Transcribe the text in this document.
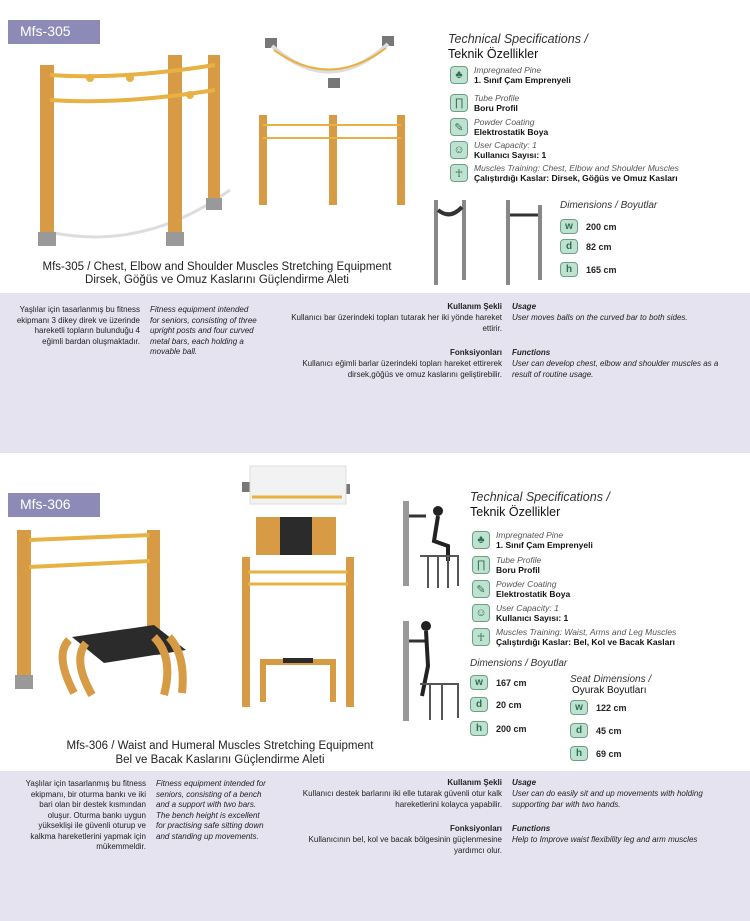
Mfs-305	Technical Specifications /
Teknik Özellikler
♣	Impregnated Pine
1. Sınıf Çam Emprenyeli
∏	Tube Profile
Boru Profil
✎	Powder Coating
Elektrostatik Boya
☺	User Capacity: 1
Kullanıcı Sayısı: 1
☥	Muscles Training: Chest, Elbow and Shoulder Muscles
Çalıştırdığı Kaslar: Dirsek, Göğüs ve Omuz Kasları
Dimensions / Boyutlar
w	200 cm
d	82 cm
h	165 cm
Mfs-305 / Chest, Elbow and Shoulder Muscles Stretching Equipment
Dirsek, Göğüs ve Omuz Kaslarını Güçlendirme Aleti
Yaşlılar için tasarlanmış bu fitness ekipmanı 3 dikey direk ve üzerinde hareketli topların bulunduğu 4 eğimli bardan oluşmaktadır.
Fitness equipment intended for seniors, consisting of three upright posts and four curved metal bars, each holding a movable ball.
Kullanım Şekli
Kullanıcı bar üzerindeki topları tutarak her iki yönde hareket ettirir.
Usage
User moves balls on the curved bar to both sides.
Fonksiyonları
Kullanıcı eğimli barlar üzerindeki topları hareket ettirerek dirsek,göğüs ve omuz kaslarını geliştirebilir.
Functions
User can develop chest, elbow and shoulder muscles as a result of routine usage.
Mfs-306	Technical Specifications /
Teknik Özellikler
♣	Impregnated Pine
1. Sınıf Çam Emprenyeli
∏	Tube Profile
Boru Profil
✎	Powder Coating
Elektrostatik Boya
☺	User Capacity: 1
Kullanıcı Sayısı: 1
☥	Muscles Training: Waist, Arms and Leg Muscles
Çalıştırdığı Kaslar: Bel, Kol ve Bacak Kasları
Dimensions / Boyutlar
w	167 cm
d	20 cm
h	200 cm
Seat Dimensions /
Oyurak Boyutları
w	122 cm
d	45 cm
h	69 cm
Mfs-306 / Waist and Humeral Muscles Stretching Equipment
Bel ve Bacak Kaslarını Güçlendirme Aleti
Yaşlılar için tasarlanmış bu fitness ekipmanı, bir oturma bankı ve iki bari olan bir destek kısmından oluşur. Oturma bankı uygun yükseklişi ile güvenli oturup ve kalkma hareketlerini yapmak için mükemmeldir.
Fitness equipment intended for seniors, consisting of a bench and a support with two bars. The bench height is excellent for practising safe sitting down and standing up movements.
Kullanım Şekli
Kullanıcı destek barlarını iki elle tutarak güvenli otur kalk hareketlerini kolayca yapabilir.
Usage
User can do easily sit and up movements with holding supporting bar with two hands.
Fonksiyonları
Kullanıcının bel, kol ve bacak bölgesinin güçlenmesine yardımcı olur.
Functions
Help to Improve waist flexibility leg and arm muscles
